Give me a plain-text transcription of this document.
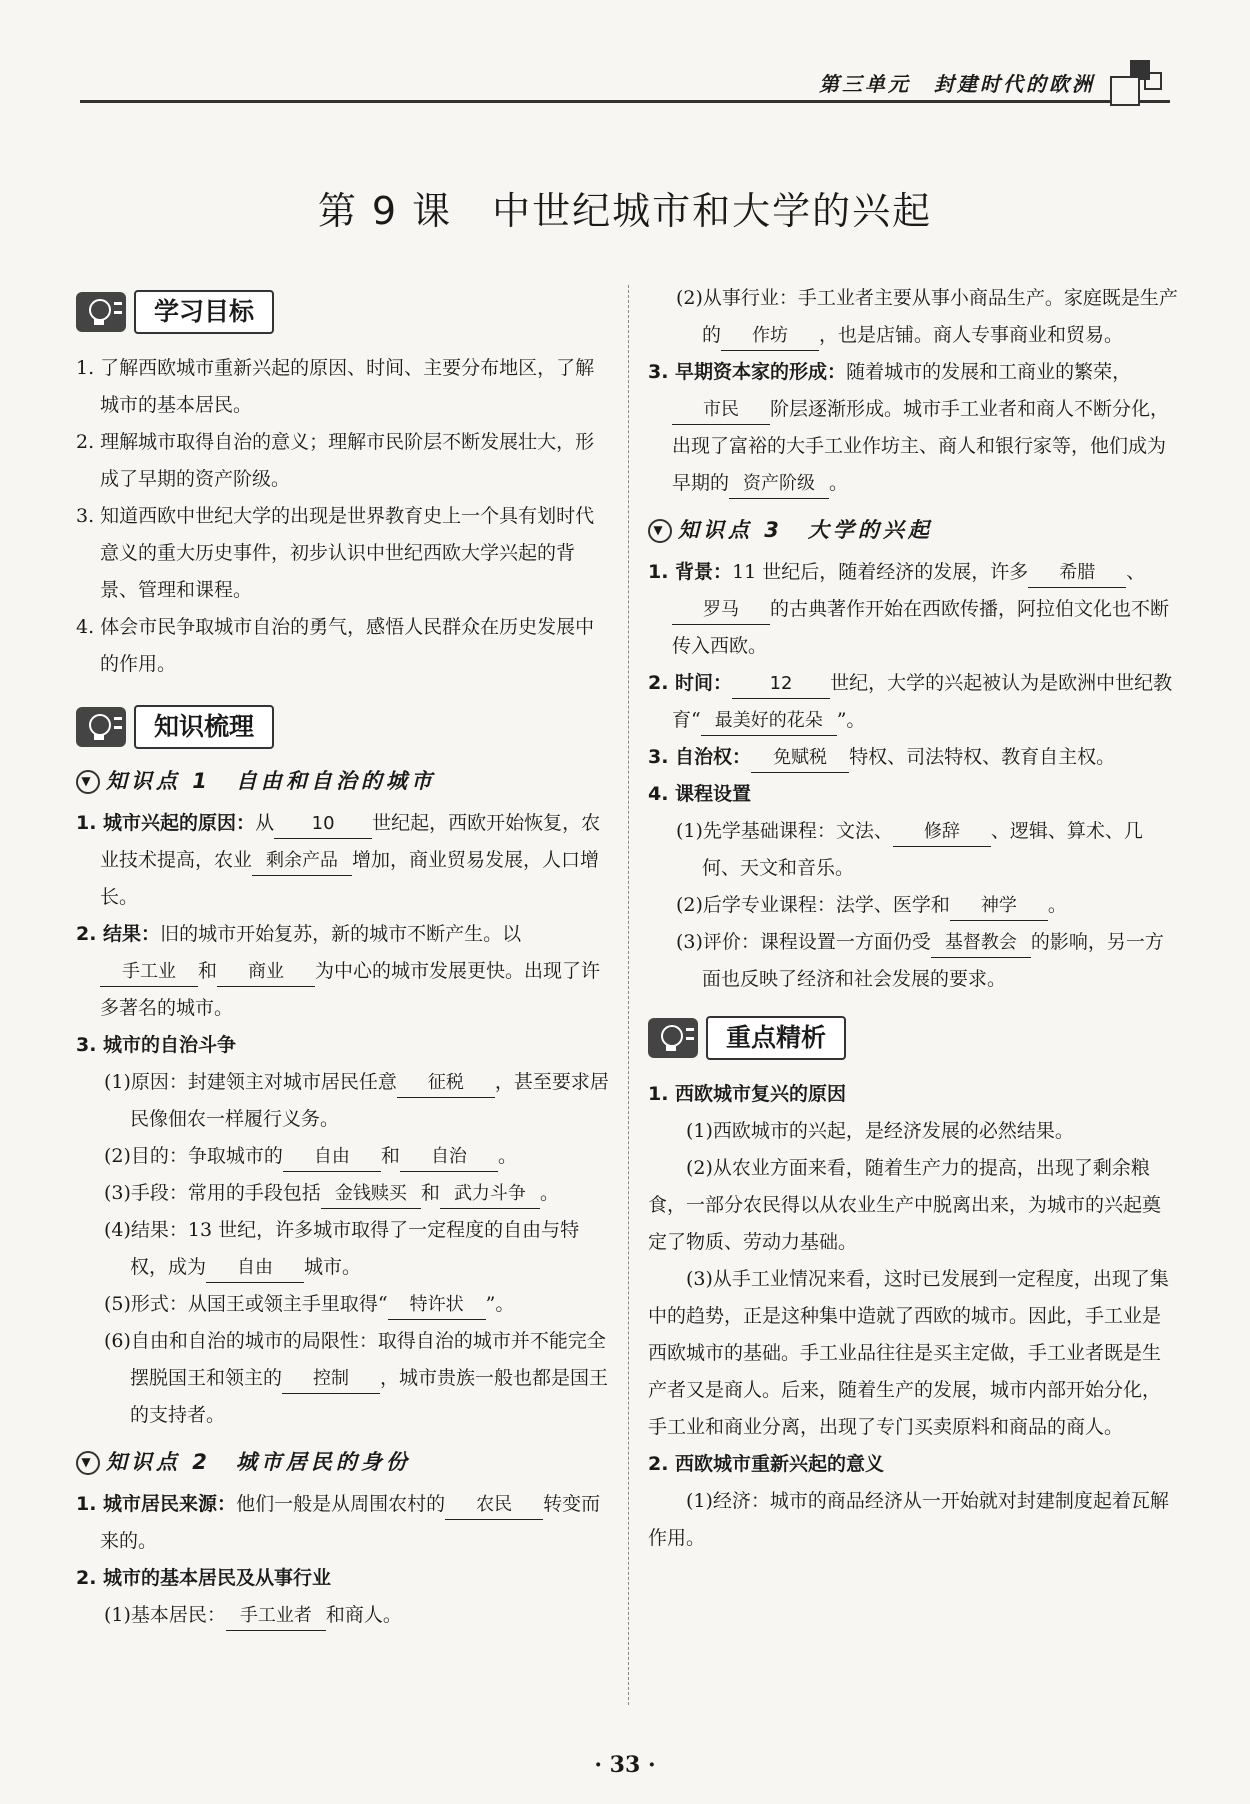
第三单元　封建时代的欧洲
第 9 课　中世纪城市和大学的兴起
学习目标

1. 了解西欧城市重新兴起的原因、时间、主要分布地区，了解城市的基本居民。

2. 理解城市取得自治的意义；理解市民阶层不断发展壮大，形成了早期的资产阶级。

3. 知道西欧中世纪大学的出现是世界教育史上一个具有划时代意义的重大历史事件，初步认识中世纪西欧大学兴起的背景、管理和课程。

4. 体会市民争取城市自治的勇气，感悟人民群众在历史发展中的作用。

知识梳理
▼ 知识点 1　自由和自治的城市

1. 城市兴起的原因：从 10 世纪起，西欧开始恢复，农业技术提高，农业 剩余产品 增加，商业贸易发展，人口增长。

2. 结果：旧的城市开始复苏，新的城市不断产生。以手工业 和 商业 为中心的城市发展更快。出现了许多著名的城市。

3. 城市的自治斗争

(1)原因：封建领主对城市居民任意 征税 ，甚至要求居民像佃农一样履行义务。

(2)目的：争取城市的 自由 和 自治 。

(3)手段：常用的手段包括 金钱赎买 和 武力斗争 。

(4)结果：13 世纪，许多城市取得了一定程度的自由与特权，成为 自由 城市。

(5)形式：从国王或领主手里取得“ 特许状 ”。

(6)自由和自治的城市的局限性：取得自治的城市并不能完全摆脱国王和领主的 控制 ，城市贵族一般也都是国王的支持者。

▼ 知识点 2　城市居民的身份

1. 城市居民来源：他们一般是从周围农村的 农民 转变而来的。

2. 城市的基本居民及从事行业

(1)基本居民： 手工业者 和商人。

(2)从事行业：手工业者主要从事小商品生产。家庭既是生产的 作坊 ，也是店铺。商人专事商业和贸易。

3. 早期资本家的形成：随着城市的发展和工商业的繁荣，市民 阶层逐渐形成。城市手工业者和商人不断分化，出现了富裕的大手工业作坊主、商人和银行家等，他们成为早期的 资产阶级 。

▼ 知识点 3　大学的兴起

1. 背景：11 世纪后，随着经济的发展，许多 希腊 、罗马 的古典著作开始在西欧传播，阿拉伯文化也不断传入西欧。

2. 时间： 12 世纪，大学的兴起被认为是欧洲中世纪教育“ 最美好的花朵 ”。

3. 自治权： 免赋税 特权、司法特权、教育自主权。

4. 课程设置

(1)先学基础课程：文法、 修辞 、逻辑、算术、几何、天文和音乐。

(2)后学专业课程：法学、医学和 神学 。

(3)评价：课程设置一方面仍受 基督教会 的影响，另一方面也反映了经济和社会发展的要求。

重点精析

1. 西欧城市复兴的原因

(1)西欧城市的兴起，是经济发展的必然结果。

(2)从农业方面来看，随着生产力的提高，出现了剩余粮食，一部分农民得以从农业生产中脱离出来，为城市的兴起奠定了物质、劳动力基础。

(3)从手工业情况来看，这时已发展到一定程度，出现了集中的趋势，正是这种集中造就了西欧的城市。因此，手工业是西欧城市的基础。手工业品往往是买主定做，手工业者既是生产者又是商人。后来，随着生产的发展，城市内部开始分化，手工业和商业分离，出现了专门买卖原料和商品的商人。

2. 西欧城市重新兴起的意义

(1)经济：城市的商品经济从一开始就对封建制度起着瓦解作用。

· 33 ·
